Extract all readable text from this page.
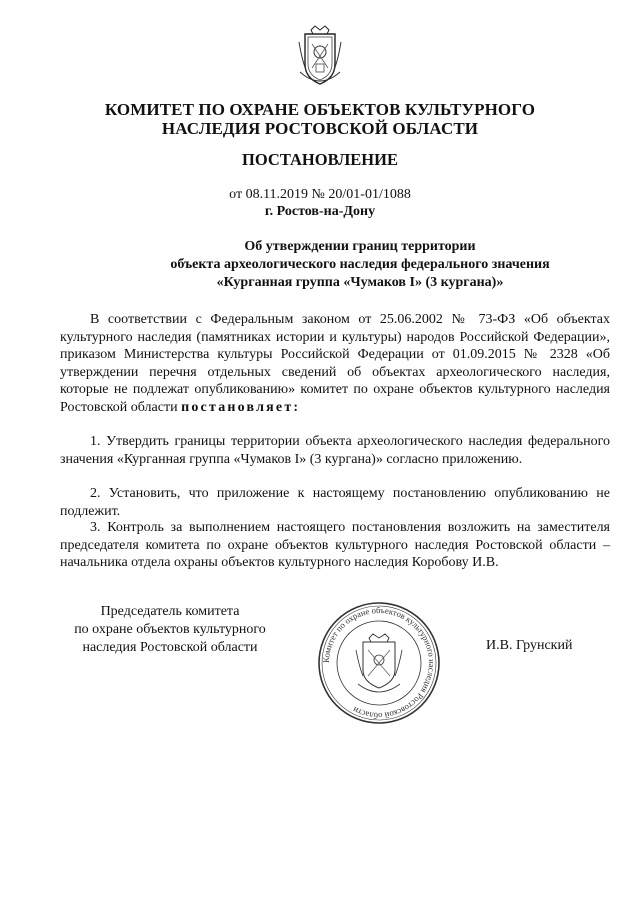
КОМИТЕТ ПО ОХРАНЕ ОБЪЕКТОВ КУЛЬТУРНОГО
НАСЛЕДИЯ РОСТОВСКОЙ ОБЛАСТИ
ПОСТАНОВЛЕНИЕ
от 08.11.2019 № 20/01-01/1088
г. Ростов-на-Дону
Об утверждении границ территории
объекта археологического наследия федерального значения
«Курганная группа «Чумаков I» (3 кургана)»
В соответствии с Федеральным законом от 25.06.2002 № 73-ФЗ «Об объектах культурного наследия (памятниках истории и культуры) народов Российской Федерации», приказом Министерства культуры Российской Федерации от 01.09.2015 № 2328 «Об утверждении перечня отдельных сведений об объектах археологического наследия, которые не подлежат опубликованию» комитет по охране объектов культурного наследия Ростовской области постановляет:
1. Утвердить границы территории объекта археологического наследия федерального значения «Курганная группа «Чумаков I» (3 кургана)» согласно приложению.
2. Установить, что приложение к настоящему постановлению опубликованию не подлежит.
3. Контроль за выполнением настоящего постановления возложить на заместителя председателя комитета по охране объектов культурного наследия Ростовской области – начальника отдела охраны объектов культурного наследия Коробову И.В.
Председатель комитета
по охране объектов культурного
наследия Ростовской области
Комитет по охране объектов культурного наследия Ростовской области
И.В. Грунский
